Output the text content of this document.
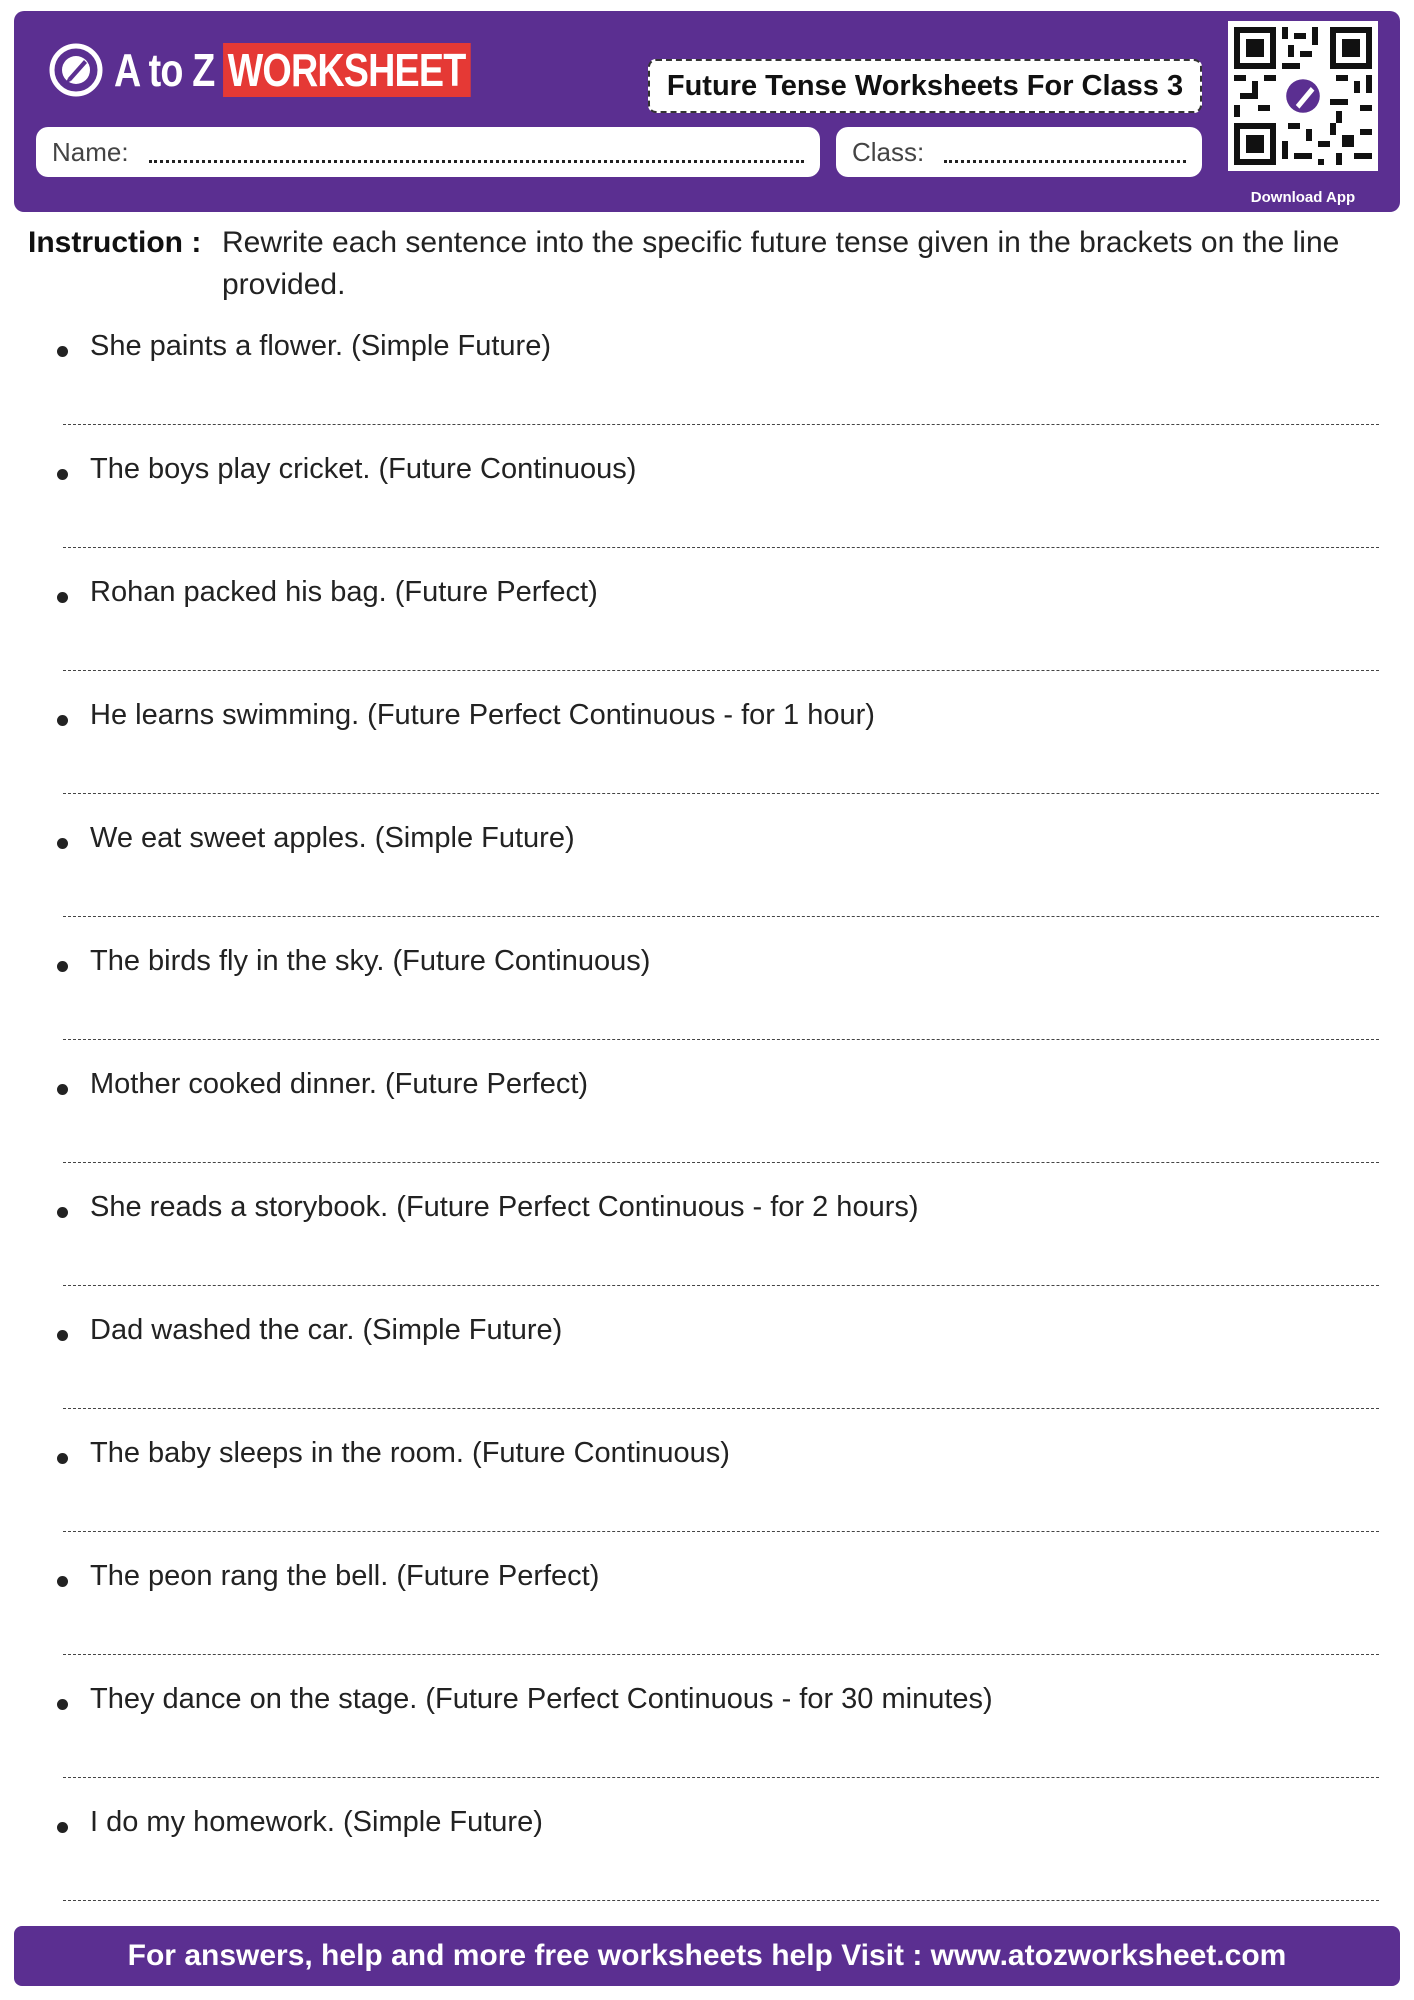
A to Z WORKSHEET	Future Tense Worksheets For Class 3
Name:	Class:
Download App
Instruction : Rewrite each sentence into the specific future tense given in the brackets on the line provided.
She paints a flower. (Simple Future)
The boys play cricket. (Future Continuous)
Rohan packed his bag. (Future Perfect)
He learns swimming. (Future Perfect Continuous - for 1 hour)
We eat sweet apples. (Simple Future)
The birds fly in the sky. (Future Continuous)
Mother cooked dinner. (Future Perfect)
She reads a storybook. (Future Perfect Continuous - for 2 hours)
Dad washed the car. (Simple Future)
The baby sleeps in the room. (Future Continuous)
The peon rang the bell. (Future Perfect)
They dance on the stage. (Future Perfect Continuous - for 30 minutes)
I do my homework. (Simple Future)
For answers, help and more free worksheets help Visit : www.atozworksheet.com
